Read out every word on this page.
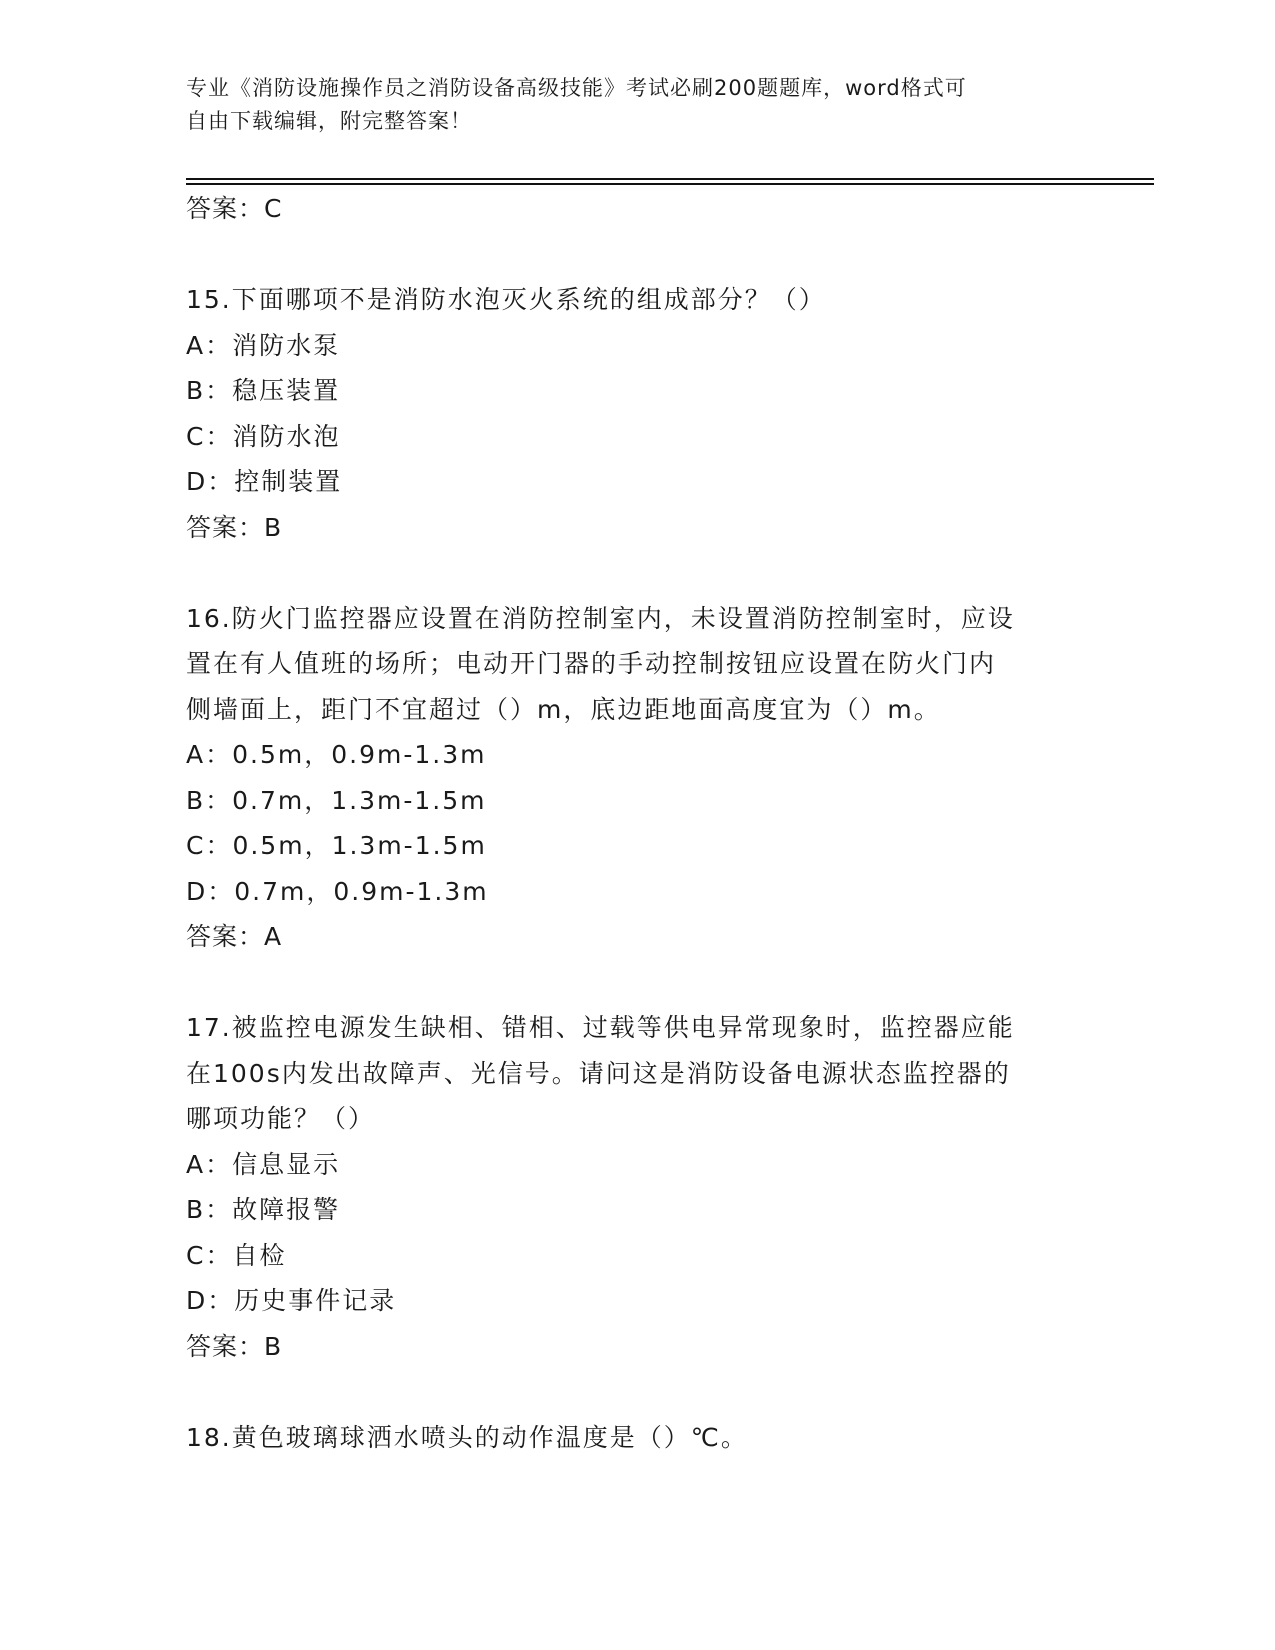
专业《消防设施操作员之消防设备高级技能》考试必刷200题题库，word格式可
自由下载编辑，附完整答案！
答案：C
15.下面哪项不是消防水泡灭火系统的组成部分？（）
A：消防水泵
B：稳压装置
C：消防水泡
D：控制装置
答案：B
16.防火门监控器应设置在消防控制室内，未设置消防控制室时，应设
置在有人值班的场所；电动开门器的手动控制按钮应设置在防火门内
侧墙面上，距门不宜超过（）m，底边距地面高度宜为（）m。
A：0.5m，0.9m-1.3m
B：0.7m，1.3m-1.5m
C：0.5m，1.3m-1.5m
D：0.7m，0.9m-1.3m
答案：A
17.被监控电源发生缺相、错相、过载等供电异常现象时，监控器应能
在100s内发出故障声、光信号。请问这是消防设备电源状态监控器的
哪项功能？（）
A：信息显示
B：故障报警
C：自检
D：历史事件记录
答案：B
18.黄色玻璃球洒水喷头的动作温度是（）℃。
